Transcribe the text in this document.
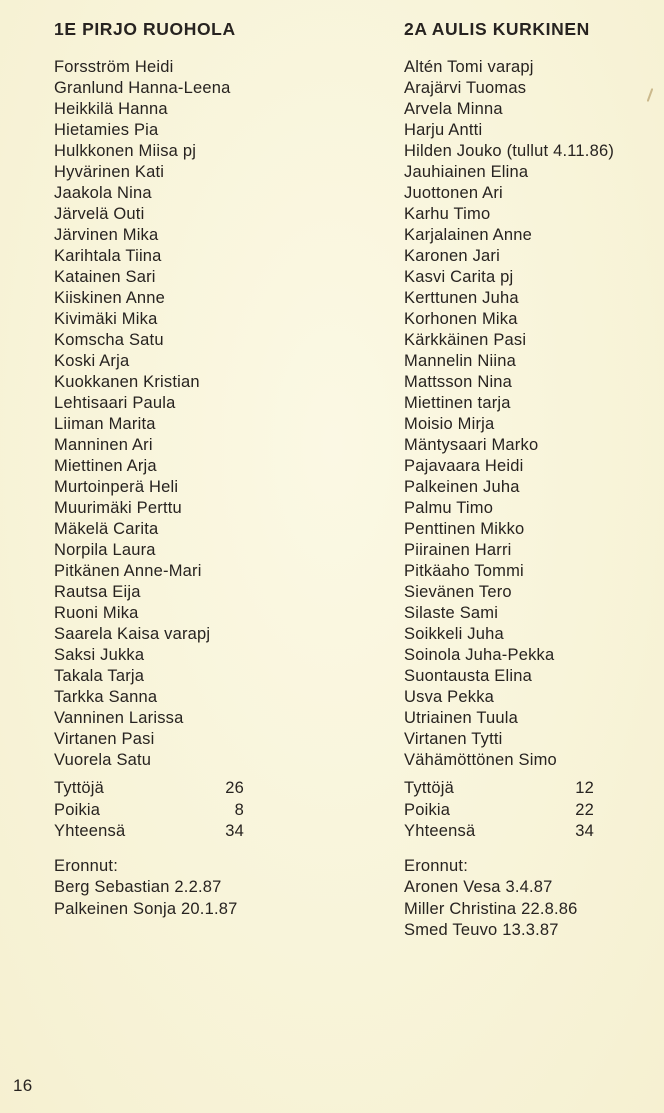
1E PIRJO RUOHOLA
Forsström Heidi
Granlund Hanna-Leena
Heikkilä Hanna
Hietamies Pia
Hulkkonen Miisa pj
Hyvärinen Kati
Jaakola Nina
Järvelä Outi
Järvinen Mika
Karihtala Tiina
Katainen Sari
Kiiskinen Anne
Kivimäki Mika
Komscha Satu
Koski Arja
Kuokkanen Kristian
Lehtisaari Paula
Liiman Marita
Manninen Ari
Miettinen Arja
Murtoinperä Heli
Muurimäki Perttu
Mäkelä Carita
Norpila Laura
Pitkänen Anne-Mari
Rautsa Eija
Ruoni Mika
Saarela Kaisa varapj
Saksi Jukka
Takala Tarja
Tarkka Sanna
Vanninen Larissa
Virtanen Pasi
Vuorela Satu
Tyttöjä	26
Poikia	8
Yhteensä	34

Eronnut:

Berg Sebastian 2.2.87
Palkeinen Sonja 20.1.87
2A AULIS KURKINEN
Altén Tomi varapj
Arajärvi Tuomas
Arvela Minna
Harju Antti
Hilden Jouko (tullut 4.11.86)
Jauhiainen Elina
Juottonen Ari
Karhu Timo
Karjalainen Anne
Karonen Jari
Kasvi Carita pj
Kerttunen Juha
Korhonen Mika
Kärkkäinen Pasi
Mannelin Niina
Mattsson Nina
Miettinen tarja
Moisio Mirja
Mäntysaari Marko
Pajavaara Heidi
Palkeinen Juha
Palmu Timo
Penttinen Mikko
Piirainen Harri
Pitkäaho Tommi
Sievänen Tero
Silaste Sami
Soikkeli Juha
Soinola Juha-Pekka
Suontausta Elina
Usva Pekka
Utriainen Tuula
Virtanen Tytti
Vähämöttönen Simo
Tyttöjä	12
Poikia	22
Yhteensä	34

Eronnut:

Aronen Vesa 3.4.87
Miller Christina 22.8.86
Smed Teuvo 13.3.87
16
